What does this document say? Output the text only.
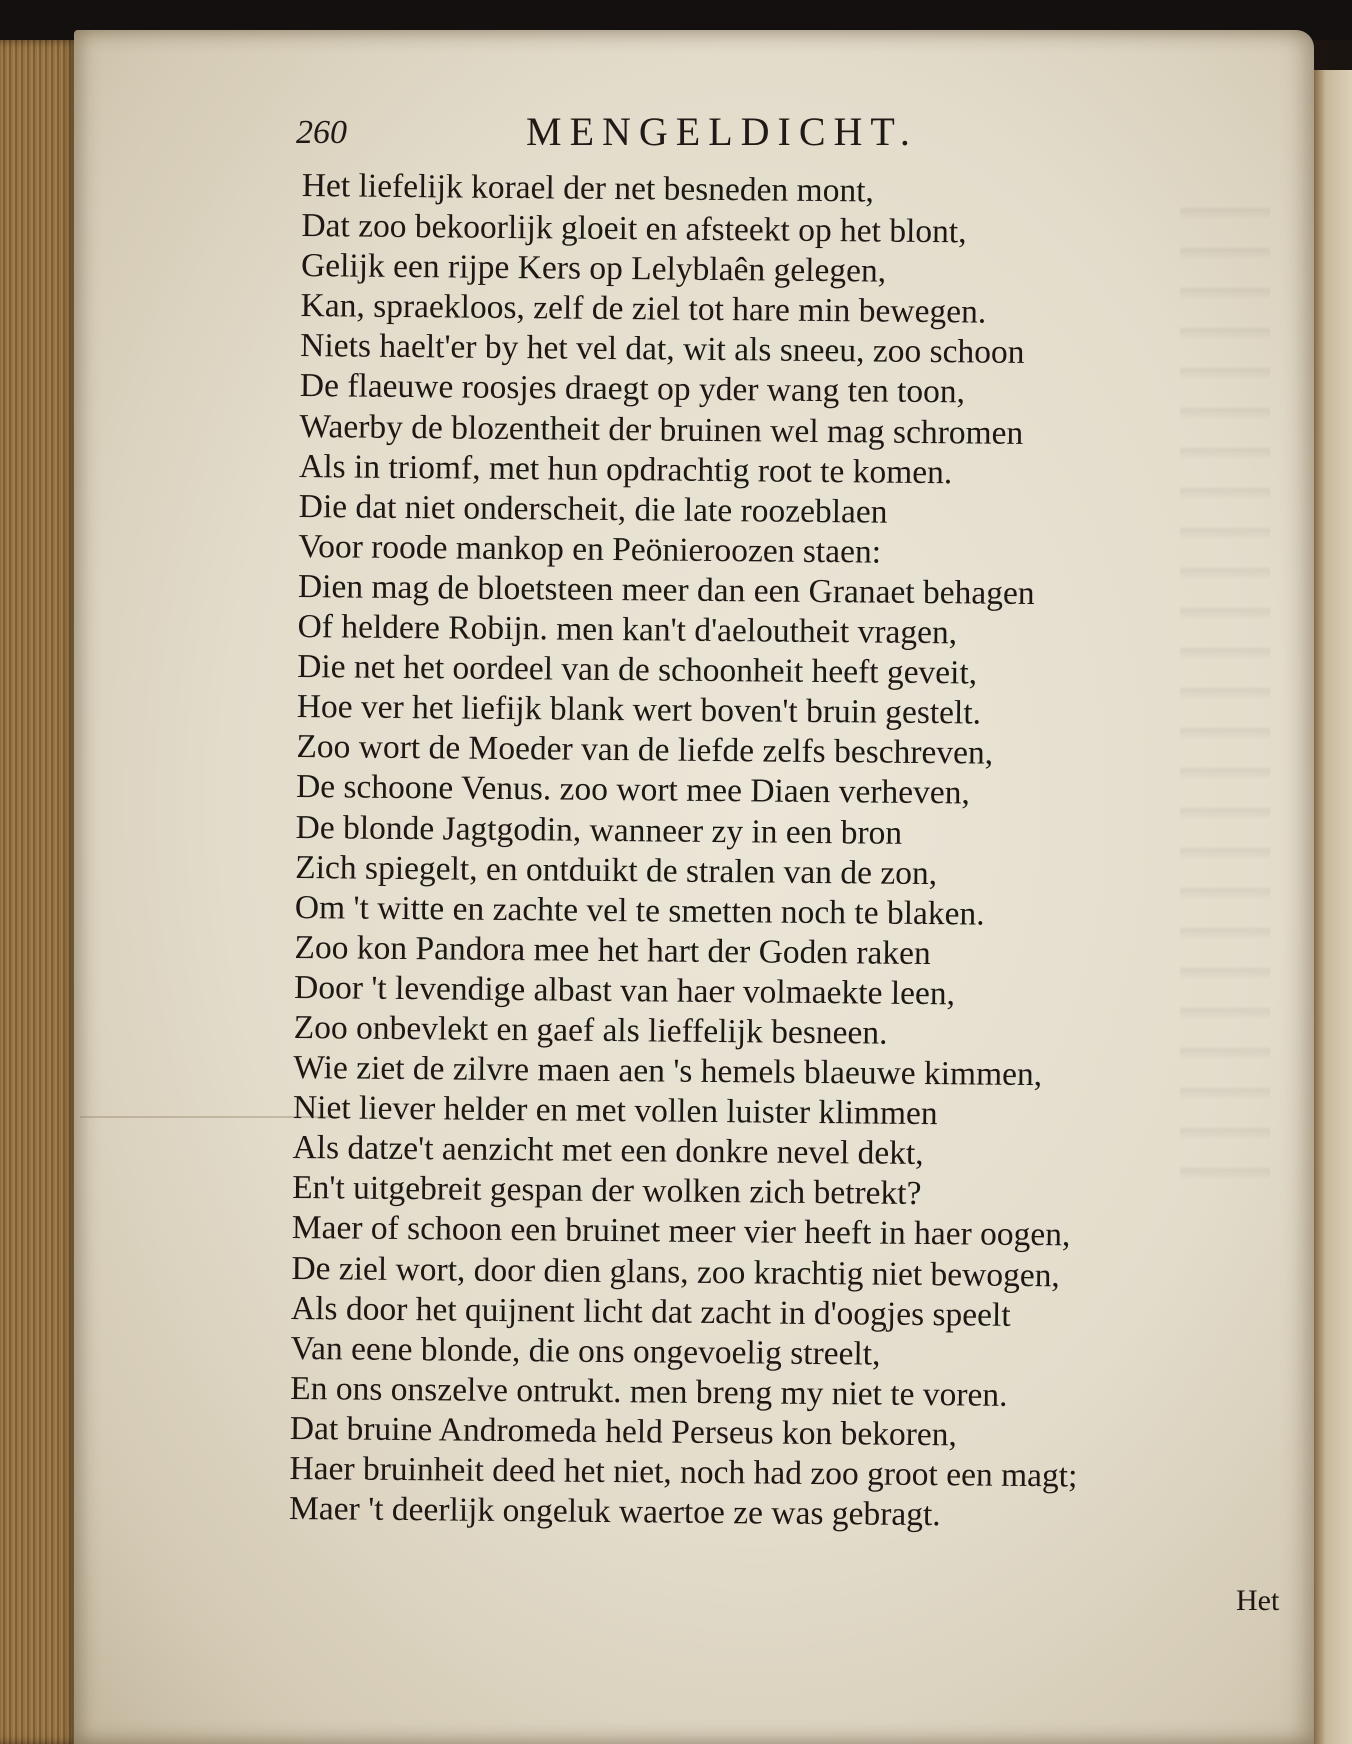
260	MENGELDICHT.
Het liefelijk korael der net besneden mont,
Dat zoo bekoorlijk gloeit en afsteekt op het blont,
Gelijk een rijpe Kers op Lelyblaên gelegen,
Kan, spraekloos, zelf de ziel tot hare min bewegen.
Niets haelt'er by het vel dat, wit als sneeu, zoo schoon
De flaeuwe roosjes draegt op yder wang ten toon,
Waerby de blozentheit der bruinen wel mag schromen
Als in triomf, met hun opdrachtig root te komen.
Die dat niet onderscheit, die late roozeblaen
Voor roode mankop en Peönieroozen staen:
Dien mag de bloetsteen meer dan een Granaet behagen
Of heldere Robijn. men kan't d'aeloutheit vragen,
Die net het oordeel van de schoonheit heeft geveit,
Hoe ver het liefijk blank wert boven't bruin gestelt.
Zoo wort de Moeder van de liefde zelfs beschreven,
De schoone Venus. zoo wort mee Diaen verheven,
De blonde Jagtgodin, wanneer zy in een bron
Zich spiegelt, en ontduikt de stralen van de zon,
Om 't witte en zachte vel te smetten noch te blaken.
Zoo kon Pandora mee het hart der Goden raken
Door 't levendige albast van haer volmaekte leen,
Zoo onbevlekt en gaef als lieffelijk besneen.
Wie ziet de zilvre maen aen 's hemels blaeuwe kimmen,
Niet liever helder en met vollen luister klimmen
Als datze't aenzicht met een donkre nevel dekt,
En't uitgebreit gespan der wolken zich betrekt?
Maer of schoon een bruinet meer vier heeft in haer oogen,
De ziel wort, door dien glans, zoo krachtig niet bewogen,
Als door het quijnent licht dat zacht in d'oogjes speelt
Van eene blonde, die ons ongevoelig streelt,
En ons onszelve ontrukt. men breng my niet te voren.
Dat bruine Andromeda held Perseus kon bekoren,
Haer bruinheit deed het niet, noch had zoo groot een magt;
Maer 't deerlijk ongeluk waertoe ze was gebragt.
Het
